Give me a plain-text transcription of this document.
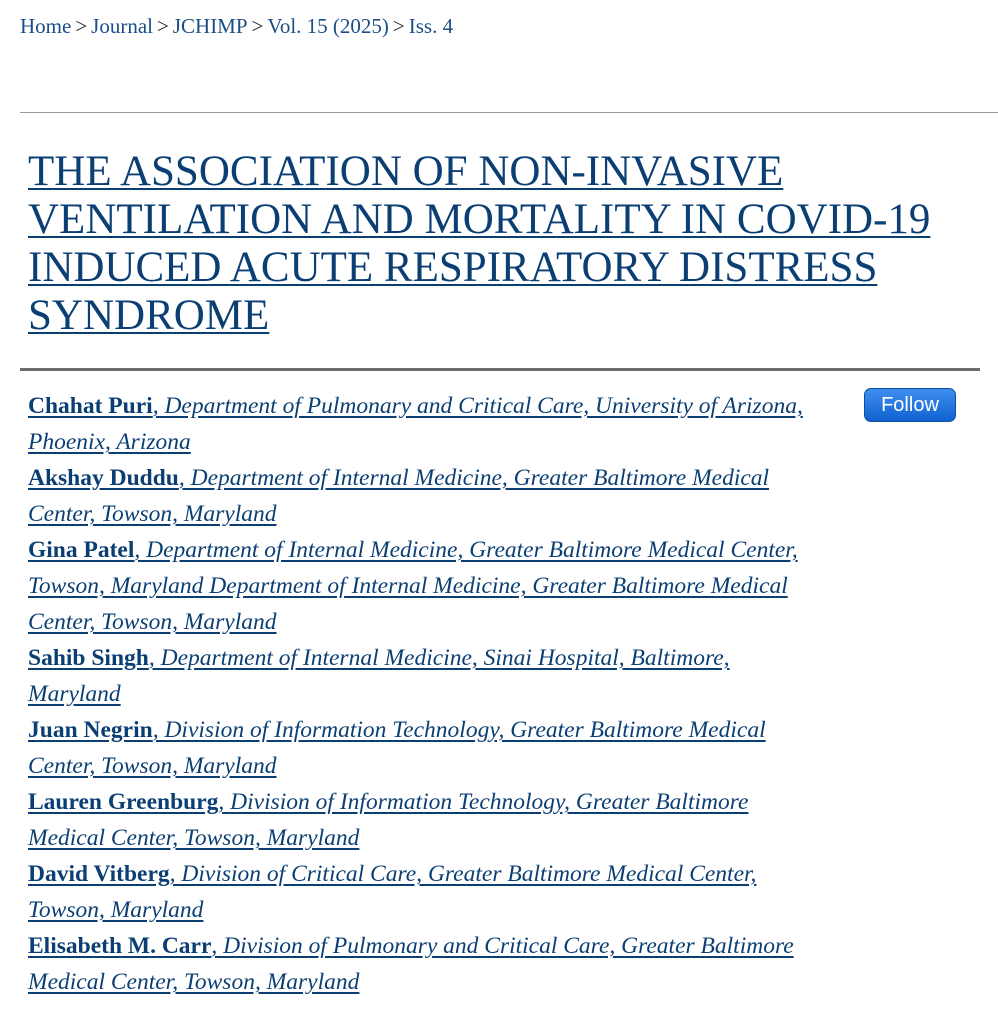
Home > Journal > JCHIMP > Vol. 15 (2025) > Iss. 4
THE ASSOCIATION OF NON-INVASIVE VENTILATION AND MORTALITY IN COVID-19 INDUCED ACUTE RESPIRATORY DISTRESS SYNDROME
Chahat Puri, Department of Pulmonary and Critical Care, University of Arizona, Phoenix, Arizona
Akshay Duddu, Department of Internal Medicine, Greater Baltimore Medical Center, Towson, Maryland
Gina Patel, Department of Internal Medicine, Greater Baltimore Medical Center, Towson, Maryland Department of Internal Medicine, Greater Baltimore Medical Center, Towson, Maryland
Sahib Singh, Department of Internal Medicine, Sinai Hospital, Baltimore, Maryland
Juan Negrin, Division of Information Technology, Greater Baltimore Medical Center, Towson, Maryland
Lauren Greenburg, Division of Information Technology, Greater Baltimore Medical Center, Towson, Maryland
David Vitberg, Division of Critical Care, Greater Baltimore Medical Center, Towson, Maryland
Elisabeth M. Carr, Division of Pulmonary and Critical Care, Greater Baltimore Medical Center, Towson, Maryland
Follow
